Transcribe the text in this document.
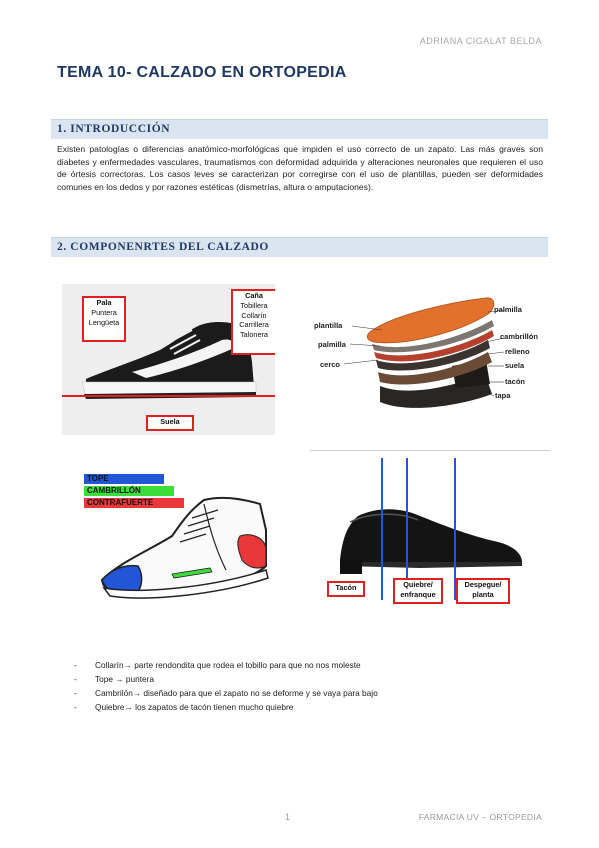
ADRIANA CIGALAT BELDA
TEMA 10- CALZADO EN ORTOPEDIA
1. INTRODUCCIÓN
Existen patologías o diferencias anatómico-morfológicas que impiden el uso correcto de un zapato. Las más graves son diabetes y enfermedades vasculares, traumatismos con deformidad adquirida y alteraciones neuronales que requieren el uso de órtesis correctoras. Los casos leves se caracterizan por corregirse con el uso de plantillas, pueden ser deformidades comunes en los dedos y por razones estéticas (dismetrías, altura o amputaciones).
2. COMPONENRTES DEL CALZADO
Pala
Puntera
Lengüeta
Caña
Tobillera
Collarín
Carrillera
Talonera
Suela
plantilla
palmilla
cerco
palmilla
cambrillón
relleno
suela
tacón
tapa
TOPE
CAMBRILLÓN
CONTRAFUERTE
Tacón	Quiebre/ enfranque
Despegue/ planta
- Collarín→ parte rendondita que rodea el tobillo para que no nos moleste
- Tope → puntera
- Cambrilón→ diseñado para que el zapato no se deforme y se vaya para bajo
- Quiebre→ los zapatos de tacón tienen mucho quiebre
1	FARMACIA UV – ORTOPEDIA
